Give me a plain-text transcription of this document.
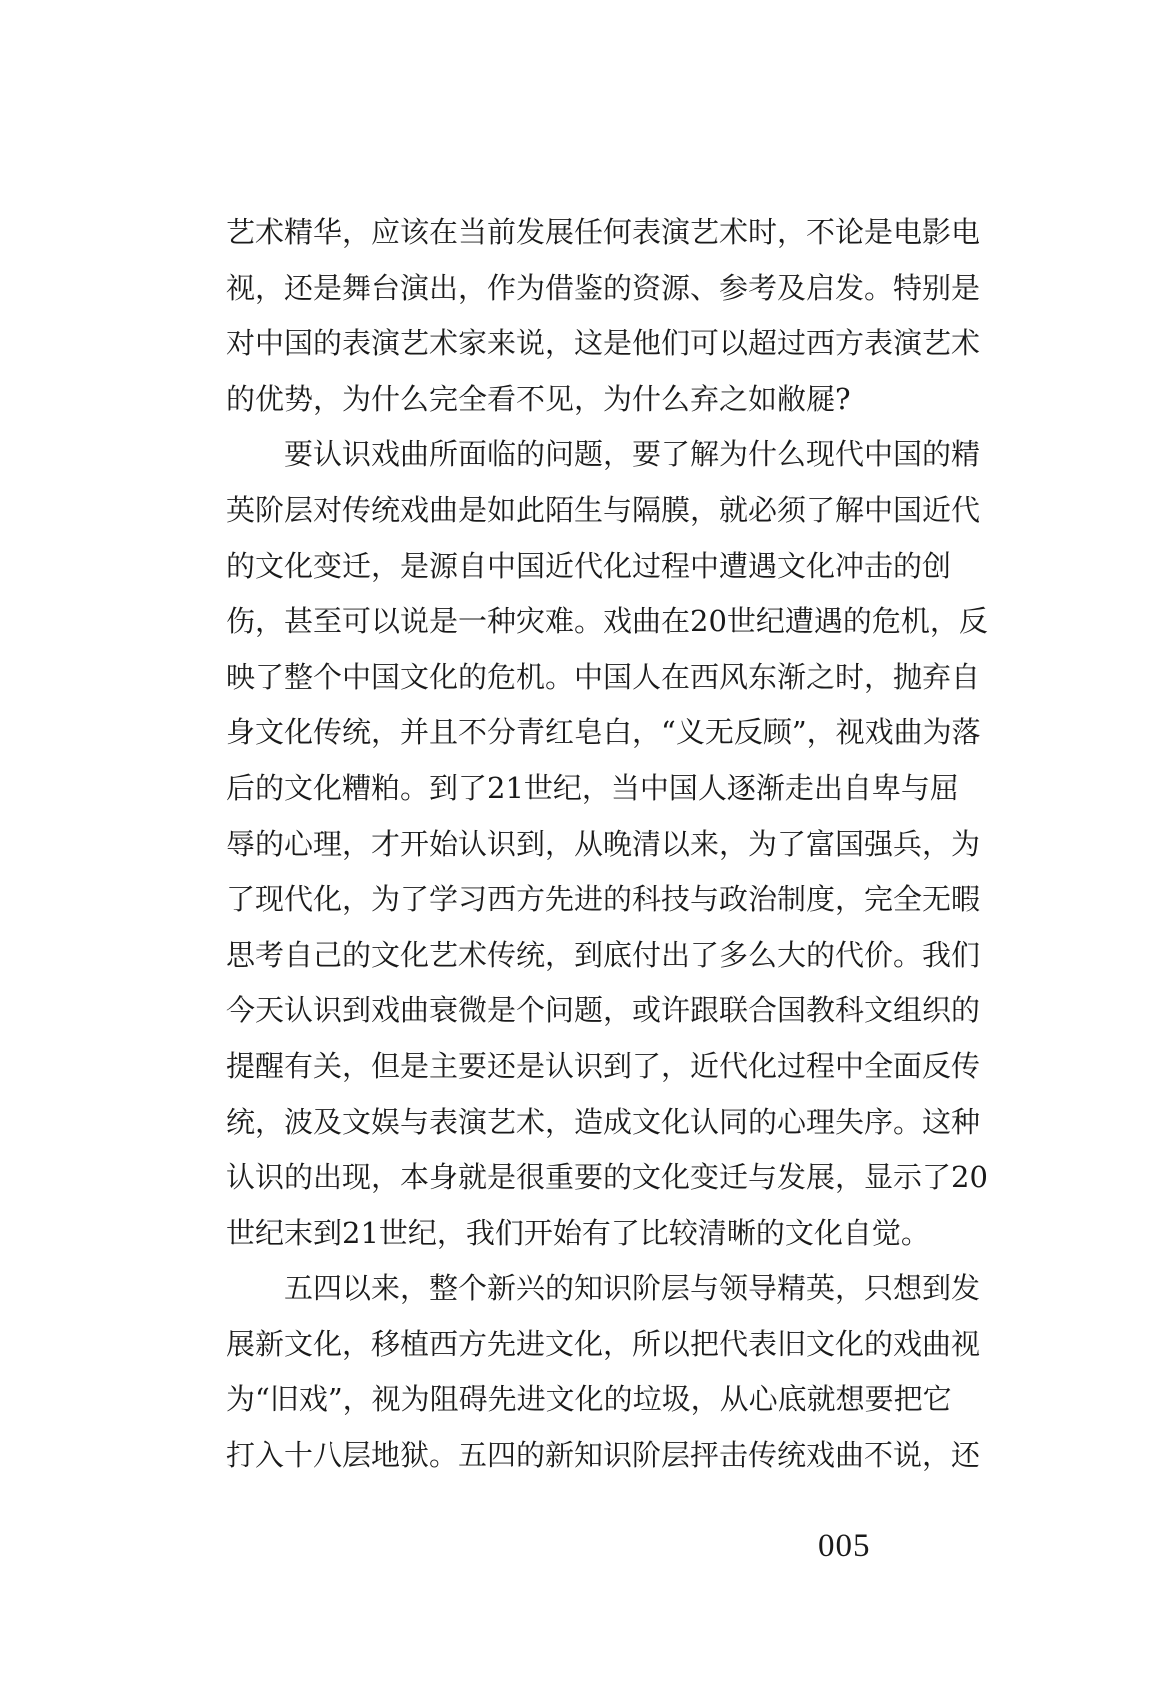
艺术精华，应该在当前发展任何表演艺术时，不论是电影电
视，还是舞台演出，作为借鉴的资源、参考及启发。特别是
对中国的表演艺术家来说，这是他们可以超过西方表演艺术
的优势，为什么完全看不见，为什么弃之如敝屣?
　　要认识戏曲所面临的问题，要了解为什么现代中国的精
英阶层对传统戏曲是如此陌生与隔膜，就必须了解中国近代
的文化变迁，是源自中国近代化过程中遭遇文化冲击的创
伤，甚至可以说是一种灾难。戏曲在20世纪遭遇的危机，反
映了整个中国文化的危机。中国人在西风东渐之时，抛弃自
身文化传统，并且不分青红皂白，“义无反顾”，视戏曲为落
后的文化糟粕。到了21世纪，当中国人逐渐走出自卑与屈
辱的心理，才开始认识到，从晚清以来，为了富国强兵，为
了现代化，为了学习西方先进的科技与政治制度，完全无暇
思考自己的文化艺术传统，到底付出了多么大的代价。我们
今天认识到戏曲衰微是个问题，或许跟联合国教科文组织的
提醒有关，但是主要还是认识到了，近代化过程中全面反传
统，波及文娱与表演艺术，造成文化认同的心理失序。这种
认识的出现，本身就是很重要的文化变迁与发展，显示了20
世纪末到21世纪，我们开始有了比较清晰的文化自觉。
　　五四以来，整个新兴的知识阶层与领导精英，只想到发
展新文化，移植西方先进文化，所以把代表旧文化的戏曲视
为“旧戏”，视为阻碍先进文化的垃圾，从心底就想要把它
打入十八层地狱。五四的新知识阶层抨击传统戏曲不说，还
005
